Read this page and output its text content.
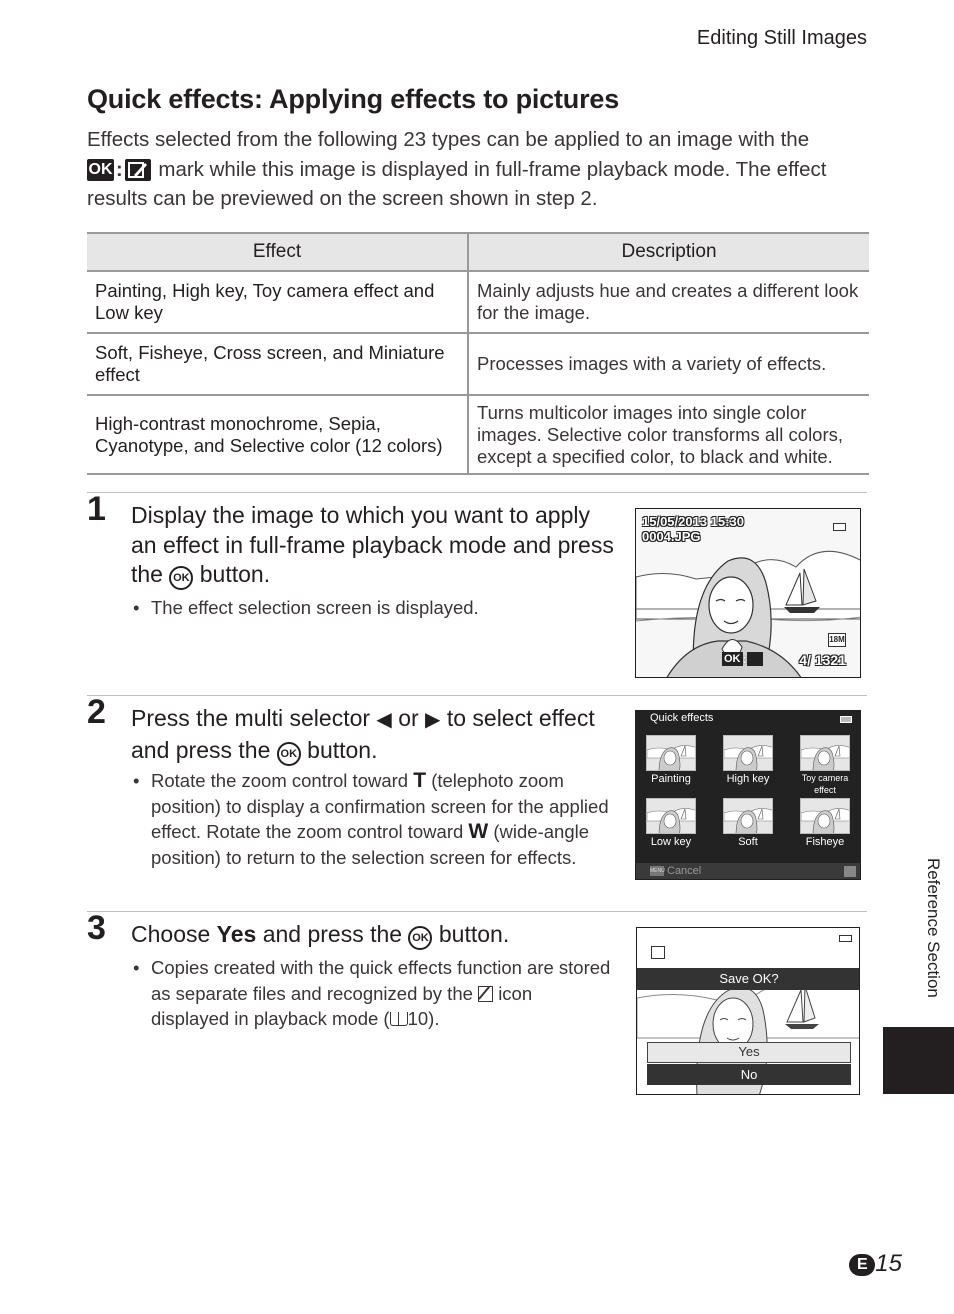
Editing Still Images
Quick effects: Applying effects to pictures

Effects selected from the following 23 types can be applied to an image with the
OK : mark while this image is displayed in full-frame playback mode. The effect results can be previewed on the screen shown in step 2.

Effect	Description
Painting, High key, Toy camera effect and Low key	Mainly adjusts hue and creates a different look for the image.
Soft, Fisheye, Cross screen, and Miniature effect	Processes images with a variety of effects.
High-contrast monochrome, Sepia, Cyanotype, and Selective color (12 colors)	Turns multicolor images into single color images. Selective color transforms all colors, except a specified color, to black and white.
1 Display the image to which you want to apply an effect in full-frame playback mode and press the OK button.
• The effect selection screen is displayed.
15/05/2013 15:30
0004.JPG
18M
OK :	4/ 1321
2 Press the multi selector ◀ or ▶ to select effect and press the OK button.
• Rotate the zoom control toward T (telephoto zoom position) to display a confirmation screen for the applied effect. Rotate the zoom control toward W (wide-angle position) to return to the selection screen for effects.
Quick effects
Painting	High key	Toy camera
effect
Low key	Soft	Fisheye
MENU Cancel
3 Choose Yes and press the OK button.
• Copies created with the quick effects function are stored as separate files and recognized by the icon displayed in playback mode ( 10).
Save OK?
Yes
No
Reference Section
E 15
